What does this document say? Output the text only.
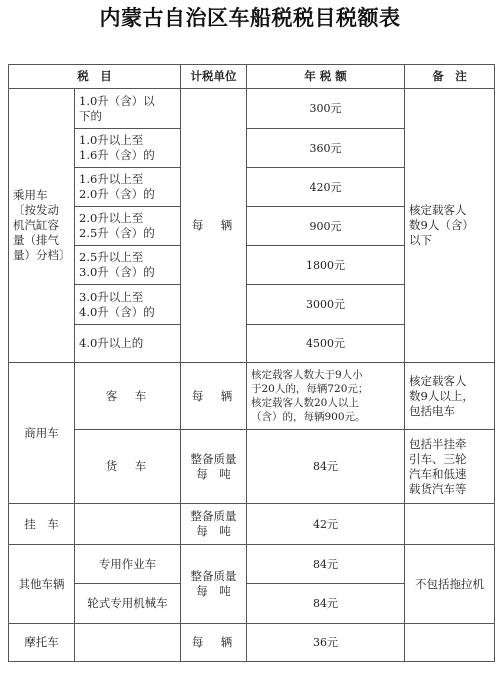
内蒙古自治区车船税税目税额表
税　目		计税单位	年 税 额	备　注
乘用车
〔按发动
机汽缸容
量（排气
量）分档〕	1.0升（含）以
下的	每　辆	300元	核定载客人
数9人（含）
以下
	1.0升以上至
1.6升（含）的		360元	
	1.6升以上至
2.0升（含）的		420元	
	2.0升以上至
2.5升（含）的		900元	
	2.5升以上至
3.0升（含）的		1800元	
	3.0升以上至
4.0升（含）的		3000元	
	4.0升以上的		4500元	
商用车	客　车	每　辆	核定载客人数大于9人小
于20人的，每辆720元；
核定载客人数20人以上
（含）的，每辆900元。	核定载客人
数9人以上，
包括电车
	货　车	整备质量
每　吨	84元	包括半挂牵
引车、三轮
汽车和低速
载货汽车等
挂　车		整备质量
每　吨	42元	
其他车辆	专用作业车	整备质量
每　吨	84元	不包括拖拉机
	轮式专用机械车		84元	
摩托车		每　辆	36元	
